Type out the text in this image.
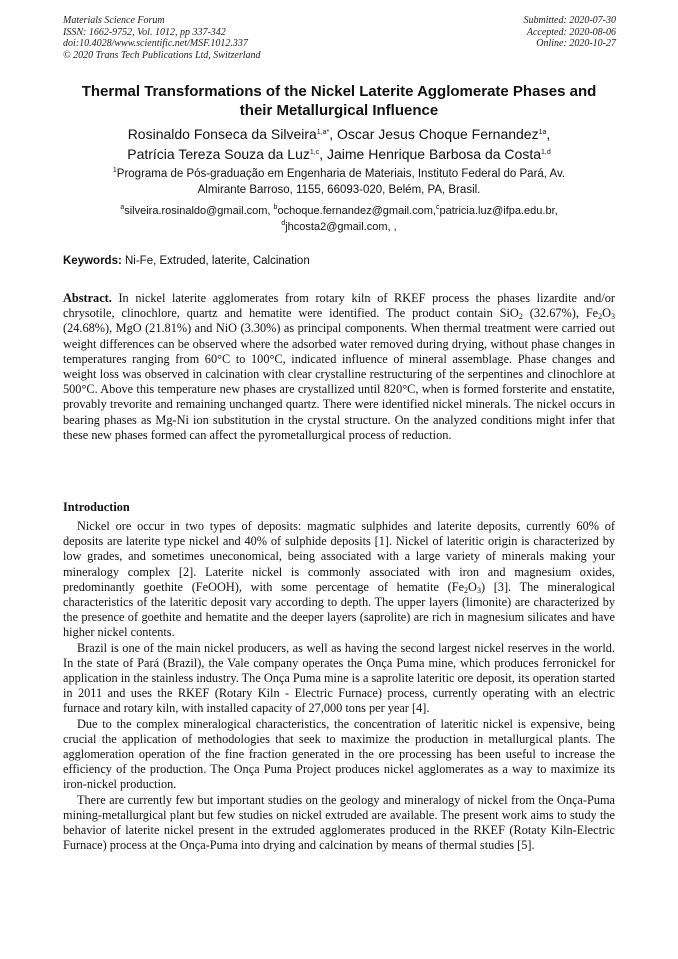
Materials Science Forum
ISSN: 1662-9752, Vol. 1012, pp 337-342
doi:10.4028/www.scientific.net/MSF.1012.337
© 2020 Trans Tech Publications Ltd, Switzerland
Submitted: 2020-07-30
Accepted: 2020-08-06
Online: 2020-10-27
Thermal Transformations of the Nickel Laterite Agglomerate Phases and
their Metallurgical Influence
Rosinaldo Fonseca da Silveira$^{1,a*}$, Oscar Jesus Choque Fernandez$^{1a}$,
Patrícia Tereza Souza da Luz$^{1,c}$, Jaime Henrique Barbosa da Costa$^{1,d}$
$^1$Programa de Pós-graduação em Engenharia de Materiais, Instituto Federal do Pará, Av.
Almirante Barroso, 1155, 66093-020, Belém, PA, Brasil.
$^a$silveira.rosinaldo@gmail.com, $^b$ochoque.fernandez@gmail.com,$^c$patricia.luz@ifpa.edu.br,
$^d$jhcosta2@gmail.com, ,
Keywords: Ni-Fe, Extruded, laterite, Calcination
Abstract. In nickel laterite agglomerates from rotary kiln of RKEF process the phases lizardite and/or chrysotile, clinochlore, quartz and hematite were identified. The product contain SiO$_2$ (32.67%), $Fe_2O_3$ (24.68%), MgO (21.81%) and NiO (3.30%) as principal components. When thermal treatment were carried out weight differences can be observed where the adsorbed water removed during drying, without phase changes in temperatures ranging from 60°C to 100°C, indicated influence of mineral assemblage. Phase changes and weight loss was observed in calcination with clear crystalline restructuring of the serpentines and clinochlore at 500°C. Above this temperature new phases are crystallized until 820°C, when is formed forsterite and enstatite, provably trevorite and remaining unchanged quartz. There were identified nickel minerals. The nickel occurs in bearing phases as Mg-Ni ion substitution in the crystal structure. On the analyzed conditions might infer that these new phases formed can affect the pyrometallurgical process of reduction.
Introduction

Nickel ore occur in two types of deposits: magmatic sulphides and laterite deposits, currently 60% of deposits are laterite type nickel and 40% of sulphide deposits [1]. Nickel of lateritic origin is characterized by low grades, and sometimes uneconomical, being associated with a large variety of minerals making your mineralogy complex [2]. Laterite nickel is commonly associated with iron and magnesium oxides, predominantly goethite (FeOOH), with some percentage of hematite $(Fe_2O_3)$ [3]. The mineralogical characteristics of the lateritic deposit vary according to depth. The upper layers (limonite) are characterized by the presence of goethite and hematite and the deeper layers (saprolite) are rich in magnesium silicates and have higher nickel contents.

Brazil is one of the main nickel producers, as well as having the second largest nickel reserves in the world. In the state of Pará (Brazil), the Vale company operates the Onça Puma mine, which produces ferronickel for application in the stainless industry. The Onça Puma mine is a saprolite lateritic ore deposit, its operation started in 2011 and uses the RKEF (Rotary Kiln - Electric Furnace) process, currently operating with an electric furnace and rotary kiln, with installed capacity of 27,000 tons per year [4].

Due to the complex mineralogical characteristics, the concentration of lateritic nickel is expensive, being crucial the application of methodologies that seek to maximize the production in metallurgical plants. The agglomeration operation of the fine fraction generated in the ore processing has been useful to increase the efficiency of the production. The Onça Puma Project produces nickel agglomerates as a way to maximize its iron-nickel production.

There are currently few but important studies on the geology and mineralogy of nickel from the Onça-Puma mining-metallurgical plant but few studies on nickel extruded are available. The present work aims to study the behavior of laterite nickel present in the extruded agglomerates produced in the RKEF (Rotaty Kiln-Electric Furnace) process at the Onça-Puma into drying and calcination by means of thermal studies [5].
